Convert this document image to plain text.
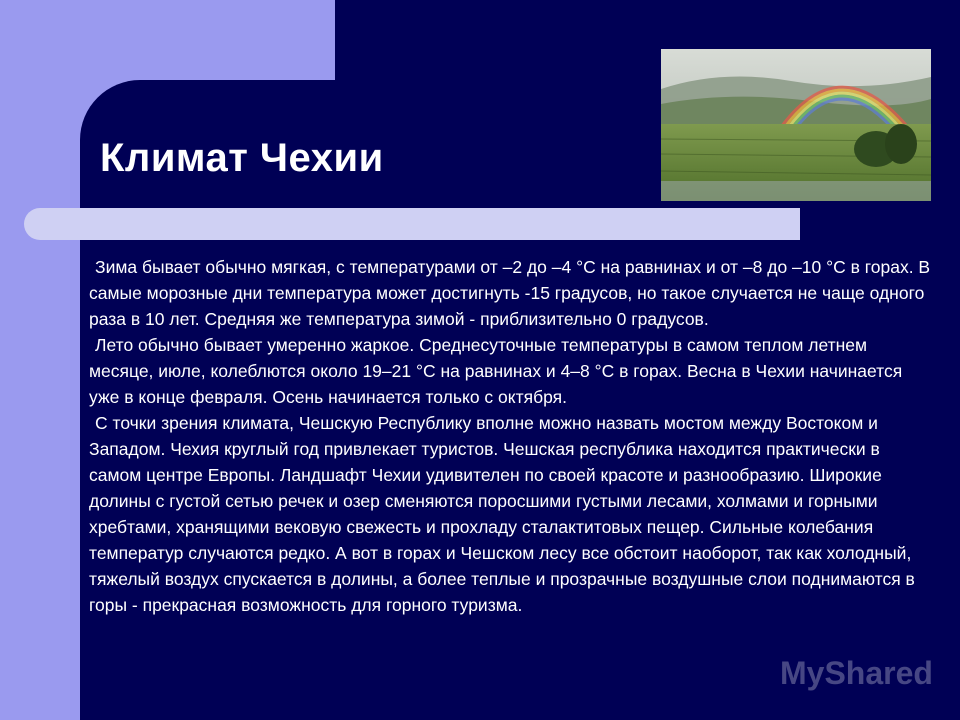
Климат Чехии

Зима бывает обычно мягкая, с температурами от –2 до –4 °С на равнинах и от –8 до –10 °С в горах. В самые морозные дни температура может достигнуть -15 градусов, но такое случается не чаще одного раза в 10 лет. Средняя же температура зимой - приблизительно 0 градусов.

Лето обычно бывает умеренно жаркое. Среднесуточные температуры в самом теплом летнем месяце, июле, колеблются около 19–21 °С на равнинах и 4–8 °С в горах. Весна в Чехии начинается уже в конце февраля. Осень начинается только с октября.

С точки зрения климата, Чешскую Республику вполне можно назвать мостом между Востоком и Западом. Чехия круглый год привлекает туристов. Чешская республика находится практически в самом центре Европы. Ландшафт Чехии удивителен по своей красоте и разнообразию. Широкие долины с густой сетью речек и озер сменяются поросшими густыми лесами, холмами и горными хребтами, хранящими вековую свежесть и прохладу сталактитовых пещер. Сильные колебания температур случаются редко. А вот в горах и Чешском лесу все обстоит наоборот, так как холодный, тяжелый воздух спускается в долины, а более теплые и прозрачные воздушные слои поднимаются в горы - прекрасная возможность для горного туризма.

MyShared
